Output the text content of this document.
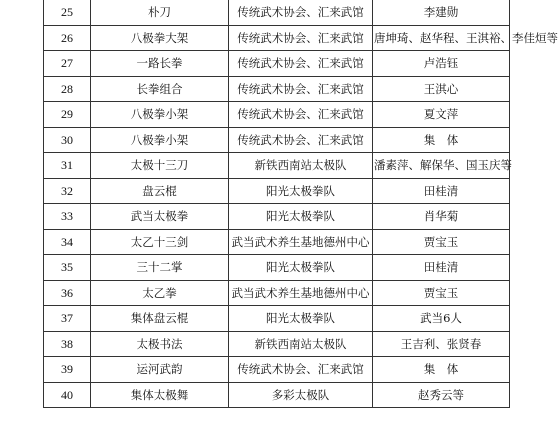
25	朴刀	传统武术协会、汇来武馆	李建勋
26	八极拳大架	传统武术协会、汇来武馆	唐坤琦、赵华程、王淇裕、李佳烜等
27	一路长拳	传统武术协会、汇来武馆	卢浩钰
28	长拳组合	传统武术协会、汇来武馆	王淇心
29	八极拳小架	传统武术协会、汇来武馆	夏文萍
30	八极拳小架	传统武术协会、汇来武馆	集　体
31	太极十三刀	新铁西南站太极队	潘素萍、解保华、国玉庆等
32	盘云棍	阳光太极拳队	田桂清
33	武当太极拳	阳光太极拳队	肖华菊
34	太乙十三剑	武当武术养生基地德州中心	贾宝玉
35	三十二掌	阳光太极拳队	田桂清
36	太乙拳	武当武术养生基地德州中心	贾宝玉
37	集体盘云棍	阳光太极拳队	武当6人
38	太极书法	新铁西南站太极队	王吉利、张贤春
39	运河武韵	传统武术协会、汇来武馆	集　体
40	集体太极舞	多彩太极队	赵秀云等
